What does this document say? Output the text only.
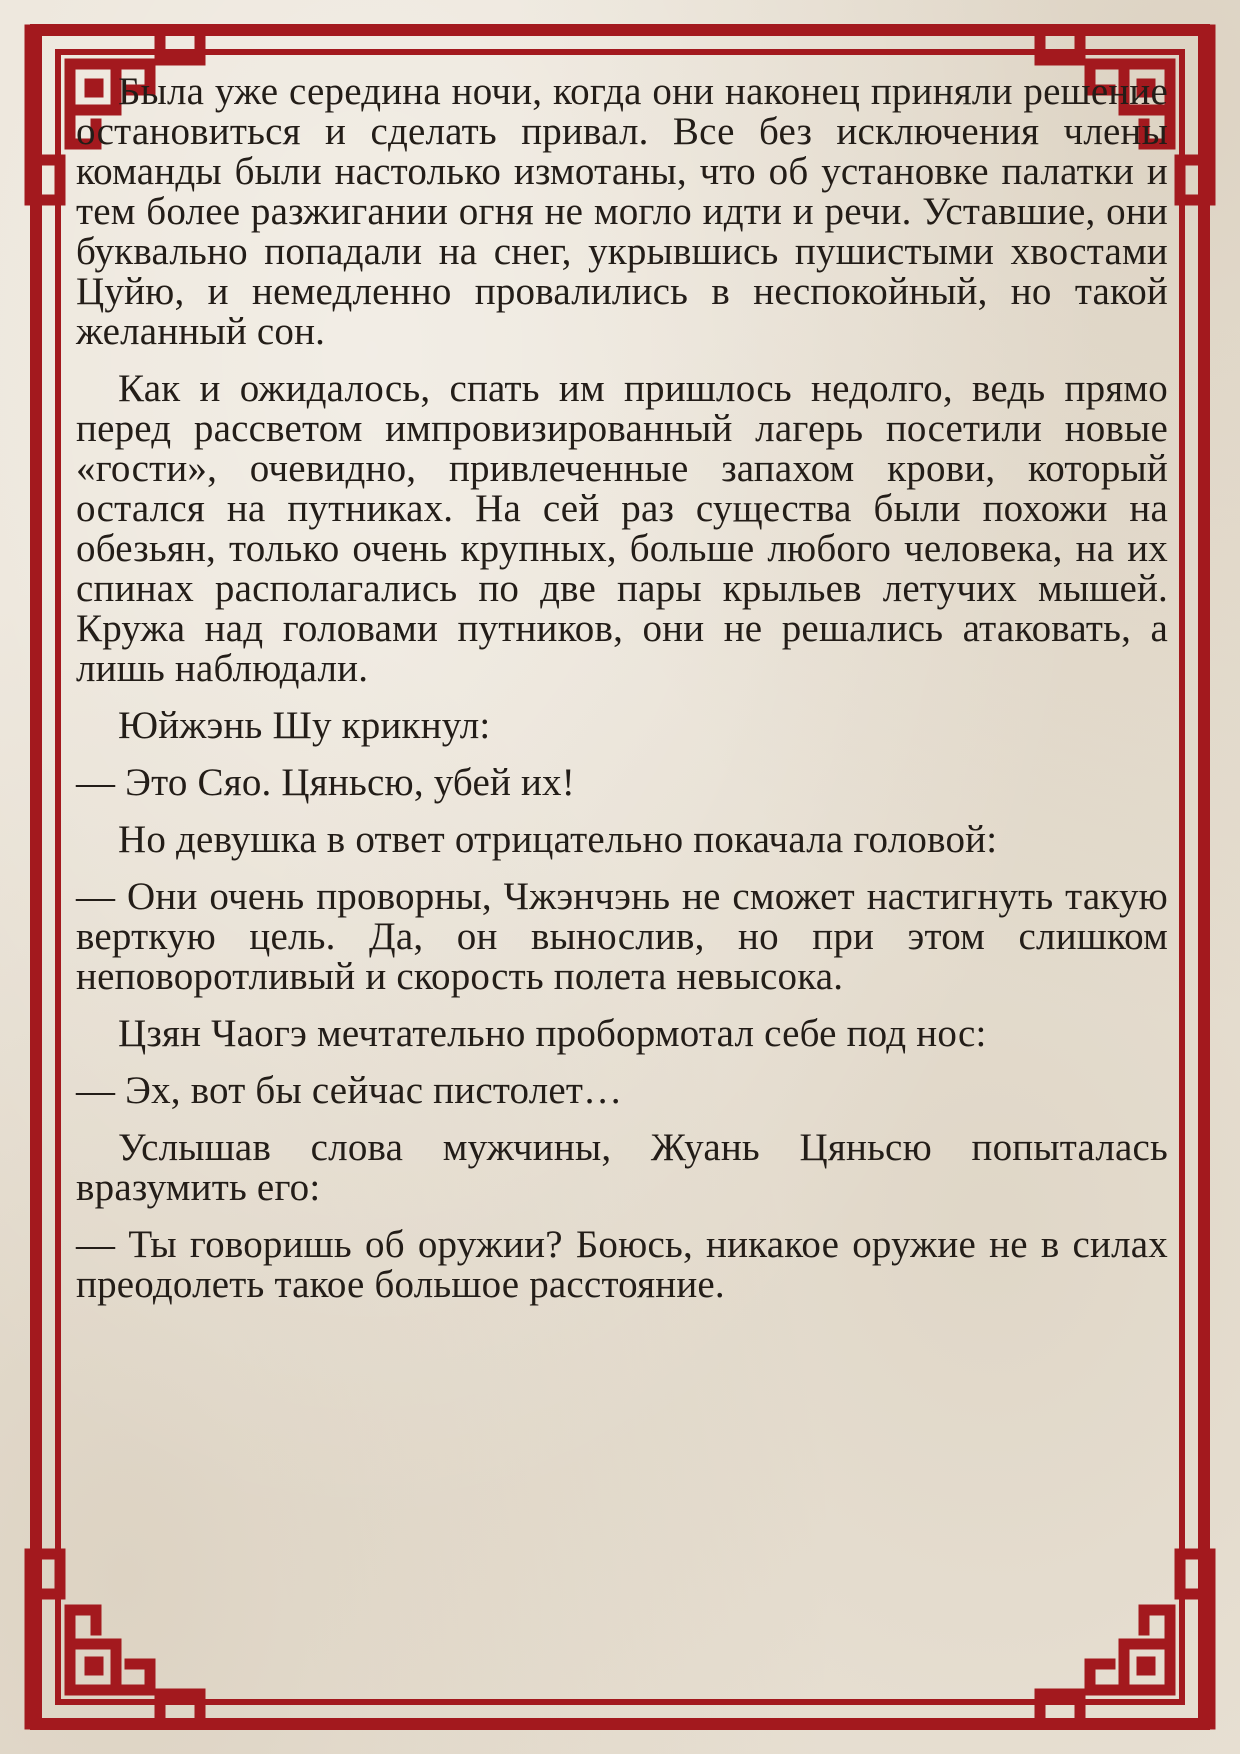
Была уже середина ночи, когда они наконец приняли решение остановиться и сделать привал. Все без исключения члены команды были настолько измотаны, что об установке палатки и тем более разжигании огня не могло идти и речи. Уставшие, они буквально попадали на снег, укрывшись пушистыми хвостами Цуйю, и немедленно провалились в неспокойный, но такой желанный сон.

Как и ожидалось, спать им пришлось недолго, ведь прямо перед рассветом импровизированный лагерь посетили новые «гости», очевидно, привлеченные запахом крови, который остался на путниках. На сей раз существа были похожи на обезьян, только очень крупных, больше любого человека, на их спинах располагались по две пары крыльев летучих мышей. Кружа над головами путников, они не решались атаковать, а лишь наблюдали.

Юйжэнь Шу крикнул:

— Это Сяо. Цяньсю, убей их!

Но девушка в ответ отрицательно покачала головой:

— Они очень проворны, Чжэнчэнь не сможет настигнуть такую верткую цель. Да, он вынослив, но при этом слишком неповоротливый и скорость полета невысока.

Цзян Чаогэ мечтательно пробормотал себе под нос:

— Эх, вот бы сейчас пистолет…

Услышав слова мужчины, Жуань Цяньсю попыталась вразумить его:

— Ты говоришь об оружии? Боюсь, никакое оружие не в силах преодолеть такое большое расстояние.
